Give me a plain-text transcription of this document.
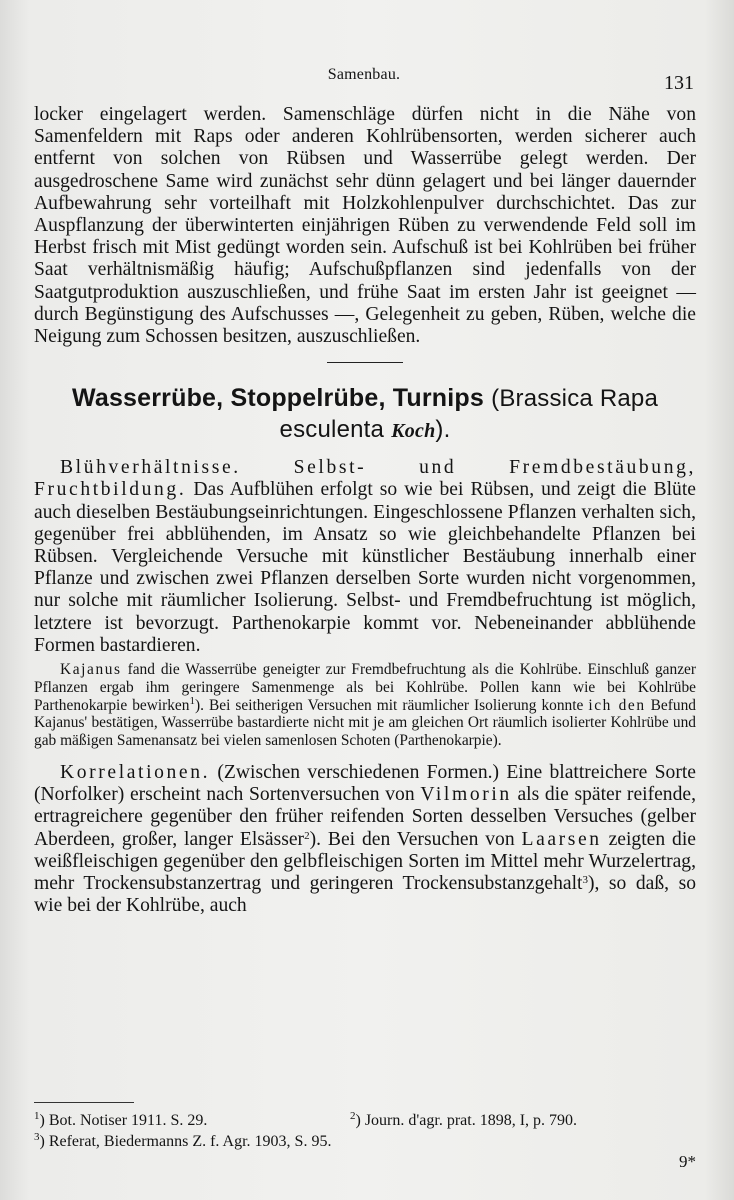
Samenbau.	131

locker eingelagert werden. Samenschläge dürfen nicht in die Nähe von Samenfeldern mit Raps oder anderen Kohlrübensorten, werden sicherer auch entfernt von solchen von Rübsen und Wasserrübe gelegt werden. Der ausgedroschene Same wird zunächst sehr dünn gelagert und bei länger dauernder Aufbewahrung sehr vorteilhaft mit Holzkohlenpulver durchschichtet. Das zur Auspflanzung der überwinterten einjährigen Rüben zu verwendende Feld soll im Herbst frisch mit Mist gedüngt worden sein. Aufschuß ist bei Kohlrüben bei früher Saat verhältnismäßig häufig; Aufschußpflanzen sind jedenfalls von der Saatgutproduktion auszuschließen, und frühe Saat im ersten Jahr ist geeignet — durch Begünstigung des Aufschusses —, Gelegenheit zu geben, Rüben, welche die Neigung zum Schossen besitzen, auszuschließen.

Wasserrübe, Stoppelrübe, Turnips (Brassica Rapa esculenta Koch).

Blühverhältnisse. Selbst- und Fremdbestäubung, Fruchtbildung. Das Aufblühen erfolgt so wie bei Rübsen, und zeigt die Blüte auch dieselben Bestäubungseinrichtungen. Eingeschlossene Pflanzen verhalten sich, gegenüber frei abblühenden, im Ansatz so wie gleichbehandelte Pflanzen bei Rübsen. Vergleichende Versuche mit künstlicher Bestäubung innerhalb einer Pflanze und zwischen zwei Pflanzen derselben Sorte wurden nicht vorgenommen, nur solche mit räumlicher Isolierung. Selbst- und Fremdbefruchtung ist möglich, letztere ist bevorzugt. Parthenokarpie kommt vor. Nebeneinander abblühende Formen bastardieren.

Kajanus fand die Wasserrübe geneigter zur Fremdbefruchtung als die Kohlrübe. Einschluß ganzer Pflanzen ergab ihm geringere Samenmenge als bei Kohlrübe. Pollen kann wie bei Kohlrübe Parthenokarpie bewirken$^1$). Bei seitherigen Versuchen mit räumlicher Isolierung konnte ich den Befund Kajanus' bestätigen, Wasserrübe bastardierte nicht mit je am gleichen Ort räumlich isolierter Kohlrübe und gab mäßigen Samenansatz bei vielen samenlosen Schoten (Parthenokarpie).

Korrelationen. (Zwischen verschiedenen Formen.) Eine blattreichere Sorte (Norfolker) erscheint nach Sortenversuchen von Vilmorin als die später reifende, ertragreichere gegenüber den früher reifenden Sorten desselben Versuches (gelber Aberdeen, großer, langer Elsässer$^2$). Bei den Versuchen von Laarsen zeigten die weißfleischigen gegenüber den gelbfleischigen Sorten im Mittel mehr Wurzelertrag, mehr Trockensubstanzertrag und geringeren Trockensubstanzgehalt$^3$), so daß, so wie bei der Kohlrübe, auch

$^1$) Bot. Notiser 1911. S. 29.	$^2$) Journ. d'agr. prat. 1898, I, p. 790.
$^3$) Referat, Biedermanns Z. f. Agr. 1903, S. 95.
9*
